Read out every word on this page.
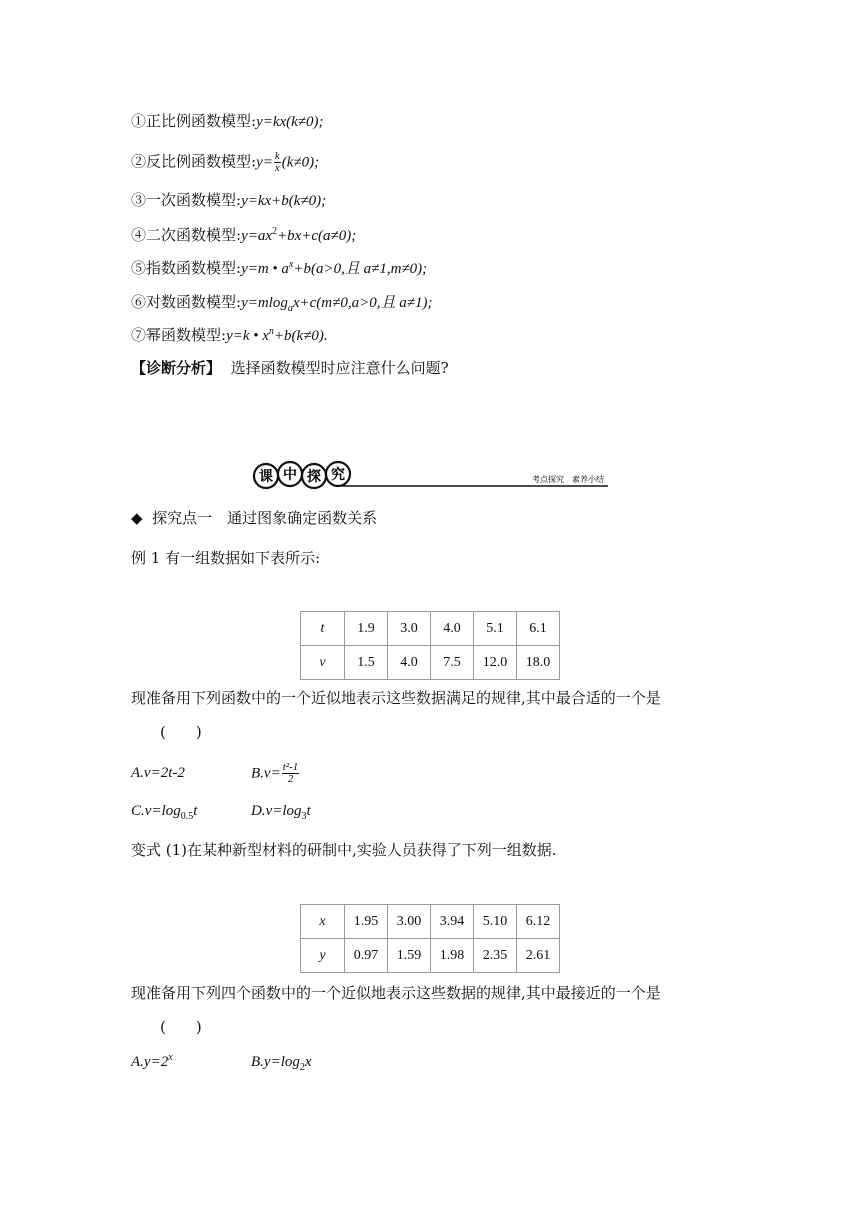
①正比例函数模型:y=kx(k≠0);
②反比例函数模型:y= $\frac{k}{x} (k\ne 0)$;
③一次函数模型:y=kx+b(k≠0);
④二次函数模型$:y=ax^2+bx+c(a\ne 0)$;
⑤指数函数模型:y=m • $a^x+b(a>0$,且 a≠1,m≠0);
⑥对数函数模型:y=mlog$_a$x+c(m≠0,a>0,且 a≠1);
⑦幂函数模型:y=k • $x^n+b(k\ne 0)$.
【诊断分析】 选择函数模型时应注意什么问题?
课 中 探 究	考点探究　素养小结
◆ 探究点一　通过图象确定函数关系
例 1 有一组数据如下表所示:
t	1.9	3.0	4.0	5.1	6.1
v	1.5	4.0	7.5	12.0	18.0
现准备用下列函数中的一个近似地表示这些数据满足的规律,其中最合适的一个是
(　　)
A.v=2t-2	$B.v= \frac{\text{t²-1}}{2}$
$C.v=\log_{0.5}t$	$D.v=\log_3t$
变式 (1)在某种新型材料的研制中,实验人员获得了下列一组数据.
x	1.95	3.00	3.94	5.10	6.12
y	0.97	1.59	1.98	2.35	2.61
现准备用下列四个函数中的一个近似地表示这些数据的规律,其中最接近的一个是
(　　)
$A.y=2^x$	$B.y=\log_2x$
